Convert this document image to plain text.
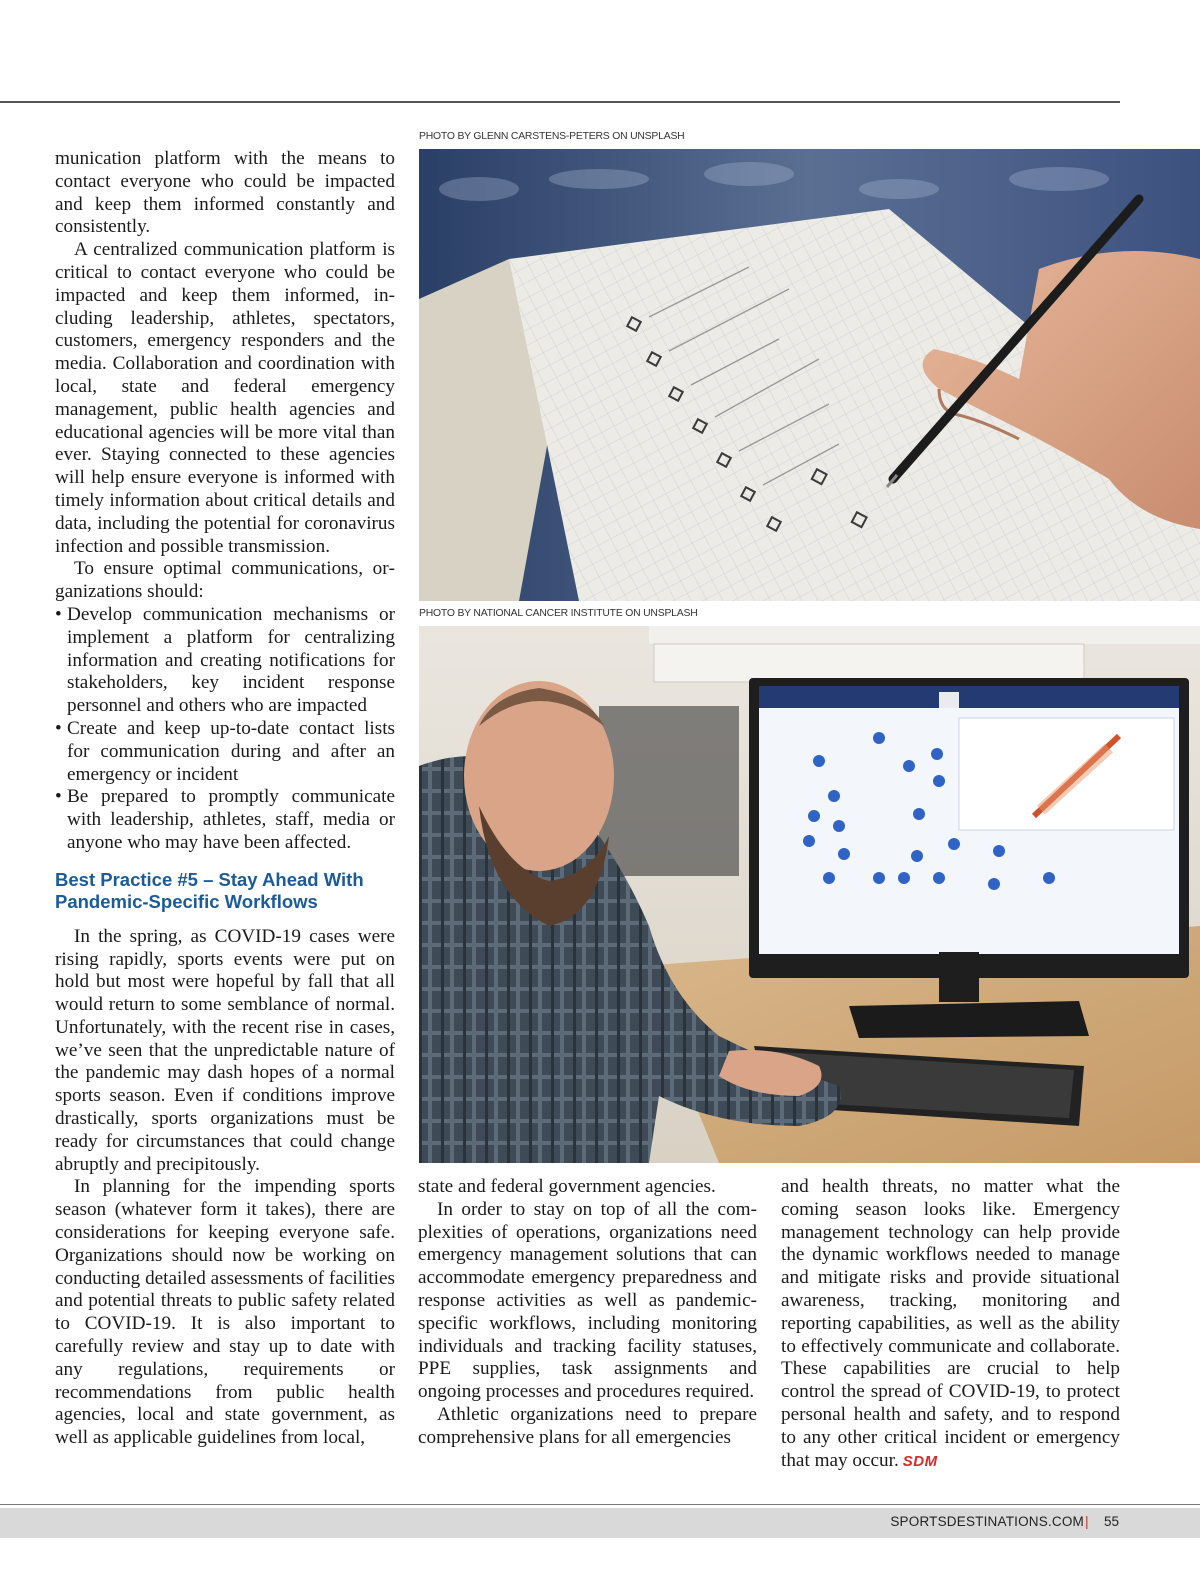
munication platform with the means to contact everyone who could be impacted and keep them informed constantly and consistently.

A centralized communication platform is critical to contact everyone who could be impacted and keep them informed, including leadership, athletes, spectators, customers, emergency responders and the media. Collaboration and coordination with local, state and federal emergency management, public health agencies and educational agencies will be more vital than ever. Staying connected to these agencies will help ensure everyone is informed with timely information about critical details and data, including the potential for coronavirus infection and possible transmission.

To ensure optimal communications, organizations should:

• Develop communication mechanisms or implement a platform for centralizing information and creating notifications for stakeholders, key incident response personnel and others who are impacted
• Create and keep up-to-date contact lists for communication during and after an emergency or incident
• Be prepared to promptly communicate with leadership, athletes, staff, media or anyone who may have been affected.
Best Practice #5 – Stay Ahead With Pandemic-Specific Workflows

In the spring, as COVID-19 cases were rising rapidly, sports events were put on hold but most were hopeful by fall that all would return to some semblance of normal. Unfortunately, with the recent rise in cases, we’ve seen that the unpredictable nature of the pandemic may dash hopes of a normal sports season. Even if conditions improve drastically, sports organizations must be ready for circumstances that could change abruptly and precipitously.

In planning for the impending sports season (whatever form it takes), there are considerations for keeping everyone safe. Organizations should now be working on conducting detailed assessments of facilities and potential threats to public safety related to COVID-19. It is also important to carefully review and stay up to date with any regulations, requirements or recommendations from public health agencies, local and state government, as well as applicable guidelines from local,

PHOTO BY GLENN CARSTENS-PETERS ON UNSPLASH
PHOTO BY NATIONAL CANCER INSTITUTE ON UNSPLASH

state and federal government agencies.

In order to stay on top of all the complexities of operations, organizations need emergency management solutions that can accommodate emergency preparedness and response activities as well as pandemic-specific workflows, including monitoring individuals and tracking facility statuses, PPE supplies, task assignments and ongoing processes and procedures required.

Athletic organizations need to prepare comprehensive plans for all emergencies

and health threats, no matter what the coming season looks like. Emergency management technology can help provide the dynamic workflows needed to manage and mitigate risks and provide situational awareness, tracking, monitoring and reporting capabilities, as well as the ability to effectively communicate and collaborate. These capabilities are crucial to help control the spread of COVID-19, to protect personal health and safety, and to respond to any other critical incident or emergency that may occur. SDM

SPORTSDESTINATIONS.COM | 55
